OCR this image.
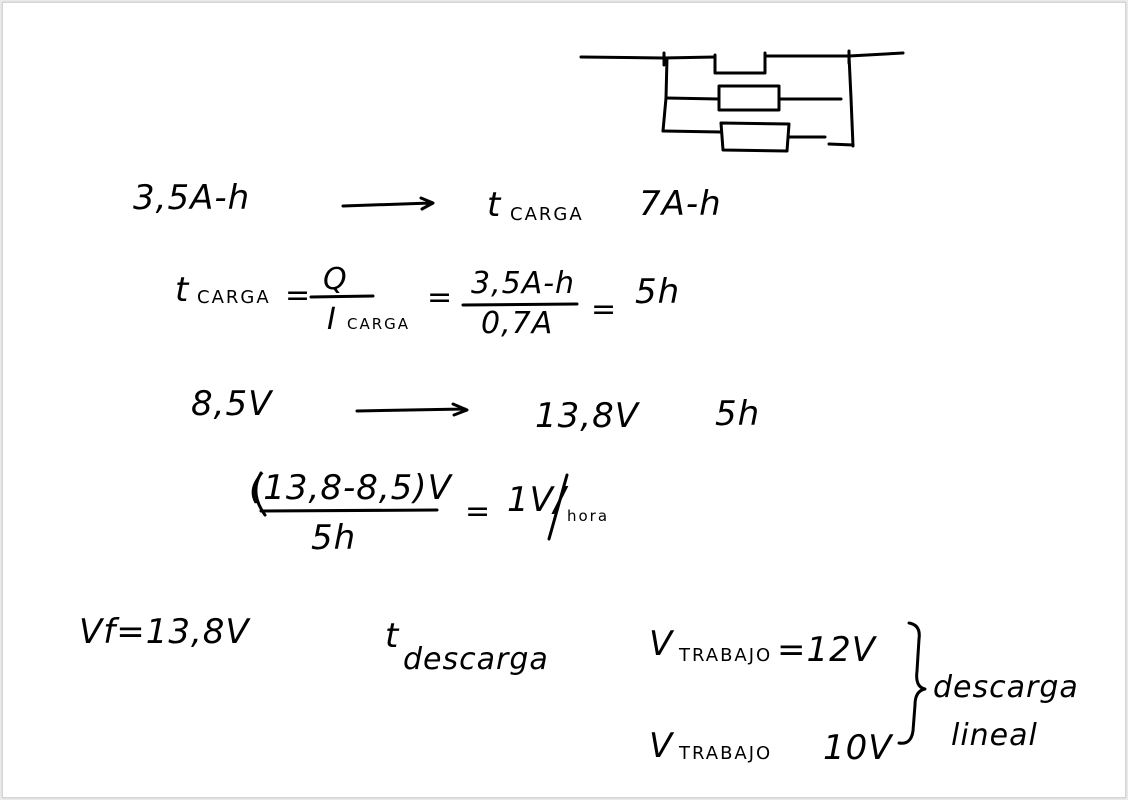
3,5A-h	t CARGA 7A-h
t CARGA = Q
I CARGA
= 3,5A-h
0,7A = 5h
8,5V	13,8V 5h
(13,8-8,5)V
5h
= 1V/ hora
Vf=13,8V	t
descarga	V TRABAJO =12V
V TRABAJO 10V
descarga
lineal
